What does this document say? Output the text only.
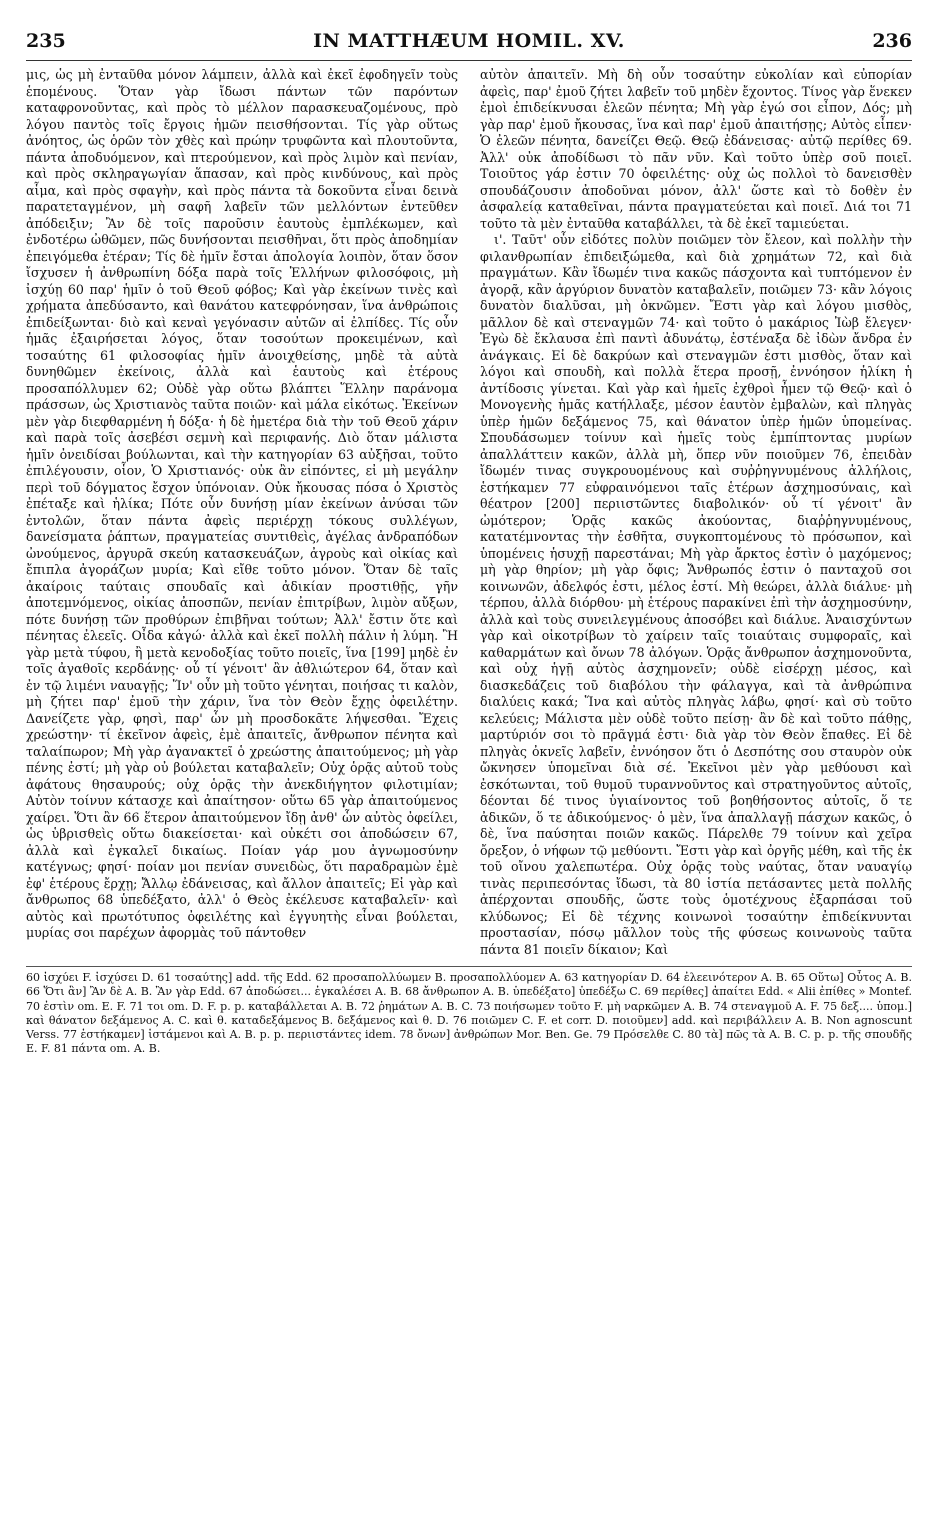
235	IN MATTHÆUM HOMIL. XV.	236

μις, ὡς μὴ ἐνταῦθα μόνον λάμπειν, ἀλλὰ καὶ ἐκεῖ ἐφοδηγεῖν τοὺς ἑπομένους. Ὅταν γὰρ ἴδωσι πάντων τῶν παρόντων καταφρονοῦντας, καὶ πρὸς τὸ μέλλον παρασκευαζομένους, πρὸ λόγου παντὸς τοῖς ἔργοις ἡμῶν πεισθήσονται. Τίς γὰρ οὕτως ἀνόητος, ὡς ὁρῶν τὸν χθὲς καὶ πρώην τρυφῶντα καὶ πλουτοῦντα, πάντα ἀποδυόμενον, καὶ πτερούμενον, καὶ πρὸς λιμὸν καὶ πενίαν, καὶ πρὸς σκληραγωγίαν ἅπασαν, καὶ πρὸς κινδύνους, καὶ πρὸς αἷμα, καὶ πρὸς σφαγὴν, καὶ πρὸς πάντα τὰ δοκοῦντα εἶναι δεινὰ παρατεταγμένον, μὴ σαφῆ λαβεῖν τῶν μελλόντων ἐντεῦθεν ἀπόδειξιν; Ἂν δὲ τοῖς παροῦσιν ἑαυτοὺς ἐμπλέκωμεν, καὶ ἐνδοτέρω ὠθῶμεν, πῶς δυνήσονται πεισθῆναι, ὅτι πρὸς ἀποδημίαν ἐπειγόμεθα ἑτέραν; Τίς δὲ ἡμῖν ἔσται ἀπολογία λοιπὸν, ὅταν ὅσον ἴσχυσεν ἡ ἀνθρωπίνη δόξα παρὰ τοῖς Ἑλλήνων φιλοσόφοις, μὴ ἰσχύῃ 60 παρ' ἡμῖν ὁ τοῦ Θεοῦ φόβος; Καὶ γὰρ ἐκείνων τινὲς καὶ χρήματα ἀπεδύσαντο, καὶ θανάτου κατεφρόνησαν, ἵνα ἀνθρώποις ἐπιδείξωνται· διὸ καὶ κεναὶ γεγόνασιν αὐτῶν αἱ ἐλπίδες. Τίς οὖν ἡμᾶς ἐξαιρήσεται λόγος, ὅταν τοσούτων προκειμένων, καὶ τοσαύτης 61 φιλοσοφίας ἡμῖν ἀνοιχθείσης, μηδὲ τὰ αὐτὰ δυνηθῶμεν ἐκείνοις, ἀλλὰ καὶ ἑαυτοὺς καὶ ἑτέρους προσαπόλλυμεν 62; Οὐδὲ γὰρ οὕτω βλάπτει Ἕλλην παράνομα πράσσων, ὡς Χριστιανὸς ταῦτα ποιῶν· καὶ μάλα εἰκότως. Ἐκείνων μὲν γὰρ διεφθαρμένη ἡ δόξα· ἡ δὲ ἡμετέρα διὰ τὴν τοῦ Θεοῦ χάριν καὶ παρὰ τοῖς ἀσεβέσι σεμνὴ καὶ περιφανής. Διὸ ὅταν μάλιστα ἡμῖν ὀνειδίσαι βούλωνται, καὶ τὴν κατηγορίαν 63 αὐξῆσαι, τοῦτο ἐπιλέγουσιν, οἷον, Ὁ Χριστιανός· οὐκ ἂν εἰπόντες, εἰ μὴ μεγάλην περὶ τοῦ δόγματος ἔσχον ὑπόνοιαν. Οὐκ ἤκουσας πόσα ὁ Χριστὸς ἐπέταξε καὶ ἡλίκα; Πότε οὖν δυνήσῃ μίαν ἐκείνων ἀνύσαι τῶν ἐντολῶν, ὅταν πάντα ἀφεὶς περιέρχῃ τόκους συλλέγων, δανείσματα ῥάπτων, πραγματείας συντιθεὶς, ἀγέλας ἀνδραπόδων ὠνούμενος, ἀργυρᾶ σκεύη κατασκευάζων, ἀγροὺς καὶ οἰκίας καὶ ἔπιπλα ἀγοράζων μυρία; Καὶ εἴθε τοῦτο μόνον. Ὅταν δὲ ταῖς ἀκαίροις ταύταις σπουδαῖς καὶ ἀδικίαν προστιθῇς, γῆν ἀποτεμνόμενος, οἰκίας ἀποσπῶν, πενίαν ἐπιτρίβων, λιμὸν αὔξων, πότε δυνήσῃ τῶν προθύρων ἐπιβῆναι τούτων; Ἀλλ' ἔστιν ὅτε καὶ πένητας ἐλεεῖς. Οἶδα κἀγώ· ἀλλὰ καὶ ἐκεῖ πολλὴ πάλιν ἡ λύμη. Ἢ γὰρ μετὰ τύφου, ἢ μετὰ κενοδοξίας τοῦτο ποιεῖς, ἵνα [199] μηδὲ ἐν τοῖς ἀγαθοῖς κερδάνῃς· οὗ τί γένοιτ' ἂν ἀθλιώτερον 64, ὅταν καὶ ἐν τῷ λιμένι ναυαγῇς; Ἵν' οὖν μὴ τοῦτο γένηται, ποιήσας τι καλὸν, μὴ ζήτει παρ' ἐμοῦ τὴν χάριν, ἵνα τὸν Θεὸν ἔχῃς ὀφειλέτην. Δανείζετε γὰρ, φησὶ, παρ' ὧν μὴ προσδοκᾶτε λήψεσθαι. Ἔχεις χρεώστην· τί ἐκεῖνον ἀφεὶς, ἐμὲ ἀπαιτεῖς, ἄνθρωπον πένητα καὶ ταλαίπωρον; Μὴ γὰρ ἀγανακτεῖ ὁ χρεώστης ἀπαιτούμενος; μὴ γὰρ πένης ἐστί; μὴ γὰρ οὐ βούλεται καταβαλεῖν; Οὐχ ὁρᾷς αὐτοῦ τοὺς ἀφάτους θησαυρούς; οὐχ ὁρᾷς τὴν ἀνεκδιήγητον φιλοτιμίαν; Αὐτὸν τοίνυν κάτασχε καὶ ἀπαίτησον· οὕτω 65 γὰρ ἀπαιτούμενος χαίρει. Ὅτι ἂν 66 ἕτερον ἀπαιτούμενον ἴδῃ ἀνθ' ὧν αὐτὸς ὀφείλει, ὡς ὑβρισθεὶς οὕτω διακείσεται· καὶ οὐκέτι σοι ἀποδώσειν 67, ἀλλὰ καὶ ἐγκαλεῖ δικαίως. Ποίαν γάρ μου ἀγνωμοσύνην κατέγνως; φησί· ποίαν μοι πενίαν συνειδὼς, ὅτι παραδραμὼν ἐμὲ ἐφ' ἑτέρους ἔρχῃ; Ἄλλῳ ἐδάνεισας, καὶ ἄλλον ἀπαιτεῖς; Εἰ γὰρ καὶ ἄνθρωπος 68 ὑπεδέξατο, ἀλλ' ὁ Θεὸς ἐκέλευσε καταβαλεῖν· καὶ αὐτὸς καὶ πρωτότυπος ὀφειλέτης καὶ ἐγγυητὴς εἶναι βούλεται, μυρίας σοι παρέχων ἀφορμὰς τοῦ πάντοθεν

αὐτὸν ἀπαιτεῖν. Μὴ δὴ οὖν τοσαύτην εὐκολίαν καὶ εὐπορίαν ἀφεὶς, παρ' ἐμοῦ ζήτει λαβεῖν τοῦ μηδὲν ἔχοντος. Τίνος γὰρ ἕνεκεν ἐμοὶ ἐπιδείκνυσαι ἐλεῶν πένητα; Μὴ γὰρ ἐγώ σοι εἶπον, Δός; μὴ γὰρ παρ' ἐμοῦ ἤκουσας, ἵνα καὶ παρ' ἐμοῦ ἀπαιτήσῃς; Αὐτὸς εἶπεν· Ὁ ἐλεῶν πένητα, δανείζει Θεῷ. Θεῷ ἐδάνεισας· αὐτῷ περίθες 69. Ἀλλ' οὐκ ἀποδίδωσι τὸ πᾶν νῦν. Καὶ τοῦτο ὑπὲρ σοῦ ποιεῖ. Τοιοῦτος γάρ ἐστιν 70 ὀφειλέτης· οὐχ ὡς πολλοὶ τὸ δανεισθὲν σπουδάζουσιν ἀποδοῦναι μόνον, ἀλλ' ὥστε καὶ τὸ δοθὲν ἐν ἀσφαλείᾳ καταθεῖναι, πάντα πραγματεύεται καὶ ποιεῖ. Διά τοι 71 τοῦτο τὰ μὲν ἐνταῦθα καταβάλλει, τὰ δὲ ἐκεῖ ταμιεύεται.

ι'. Ταῦτ' οὖν εἰδότες πολὺν ποιῶμεν τὸν ἔλεον, καὶ πολλὴν τὴν φιλανθρωπίαν ἐπιδειξώμεθα, καὶ διὰ χρημάτων 72, καὶ διὰ πραγμάτων. Κἂν ἴδωμέν τινα κακῶς πάσχοντα καὶ τυπτόμενον ἐν ἀγορᾷ, κἂν ἀργύριον δυνατὸν καταβαλεῖν, ποιῶμεν 73· κἂν λόγοις δυνατὸν διαλῦσαι, μὴ ὀκνῶμεν. Ἔστι γὰρ καὶ λόγου μισθὸς, μᾶλλον δὲ καὶ στεναγμῶν 74· καὶ τοῦτο ὁ μακάριος Ἰὼβ ἔλεγεν· Ἐγὼ δὲ ἔκλαυσα ἐπὶ παντὶ ἀδυνάτῳ, ἐστέναξα δὲ ἰδὼν ἄνδρα ἐν ἀνάγκαις. Εἰ δὲ δακρύων καὶ στεναγμῶν ἐστι μισθὸς, ὅταν καὶ λόγοι καὶ σπουδὴ, καὶ πολλὰ ἕτερα προσῇ, ἐννόησον ἡλίκη ἡ ἀντίδοσις γίνεται. Καὶ γὰρ καὶ ἡμεῖς ἐχθροὶ ἦμεν τῷ Θεῷ· καὶ ὁ Μονογενὴς ἡμᾶς κατήλλαξε, μέσον ἑαυτὸν ἐμβαλὼν, καὶ πληγὰς ὑπὲρ ἡμῶν δεξάμενος 75, καὶ θάνατον ὑπὲρ ἡμῶν ὑπομείνας. Σπουδάσωμεν τοίνυν καὶ ἡμεῖς τοὺς ἐμπίπτοντας μυρίων ἀπαλλάττειν κακῶν, ἀλλὰ μὴ, ὅπερ νῦν ποιοῦμεν 76, ἐπειδὰν ἴδωμέν τινας συγκρουομένους καὶ συῤῥηγνυμένους ἀλλήλοις, ἑστήκαμεν 77 εὐφραινόμενοι ταῖς ἑτέρων ἀσχημοσύναις, καὶ θέατρον [200] περιιστῶντες διαβολικόν· οὗ τί γένοιτ' ἂν ὠμότερον; Ὁρᾷς κακῶς ἀκούοντας, διαῤῥηγνυμένους, κατατέμνοντας τὴν ἐσθῆτα, συγκοπτομένους τὸ πρόσωπον, καὶ ὑπομένεις ἡσυχῇ παρεστάναι; Μὴ γὰρ ἄρκτος ἐστὶν ὁ μαχόμενος; μὴ γὰρ θηρίον; μὴ γὰρ ὄφις; Ἄνθρωπός ἐστιν ὁ πανταχοῦ σοι κοινωνῶν, ἀδελφός ἐστι, μέλος ἐστί. Μὴ θεώρει, ἀλλὰ διάλυε· μὴ τέρπου, ἀλλὰ διόρθου· μὴ ἑτέρους παρακίνει ἐπὶ τὴν ἀσχημοσύνην, ἀλλὰ καὶ τοὺς συνειλεγμένους ἀποσόβει καὶ διάλυε. Ἀναισχύντων γὰρ καὶ οἰκοτρίβων τὸ χαίρειν ταῖς τοιαύταις συμφοραῖς, καὶ καθαρμάτων καὶ ὄνων 78 ἀλόγων. Ὁρᾷς ἄνθρωπον ἀσχημονοῦντα, καὶ οὐχ ἡγῇ αὐτὸς ἀσχημονεῖν; οὐδὲ εἰσέρχῃ μέσος, καὶ διασκεδάζεις τοῦ διαβόλου τὴν φάλαγγα, καὶ τὰ ἀνθρώπινα διαλύεις κακά; Ἵνα καὶ αὐτὸς πληγὰς λάβω, φησί· καὶ σὺ τοῦτο κελεύεις; Μάλιστα μὲν οὐδὲ τοῦτο πείσῃ· ἂν δὲ καὶ τοῦτο πάθῃς, μαρτύριόν σοι τὸ πρᾶγμά ἐστι· διὰ γὰρ τὸν Θεὸν ἔπαθες. Εἰ δὲ πληγὰς ὀκνεῖς λαβεῖν, ἐννόησον ὅτι ὁ Δεσπότης σου σταυρὸν οὐκ ὤκνησεν ὑπομεῖναι διὰ σέ. Ἐκεῖνοι μὲν γὰρ μεθύουσι καὶ ἐσκότωνται, τοῦ θυμοῦ τυραννοῦντος καὶ στρατηγοῦντος αὐτοῖς, δέονται δέ τινος ὑγιαίνοντος τοῦ βοηθήσοντος αὐτοῖς, ὅ τε ἀδικῶν, ὅ τε ἀδικούμενος· ὁ μὲν, ἵνα ἀπαλλαγῇ πάσχων κακῶς, ὁ δὲ, ἵνα παύσηται ποιῶν κακῶς. Πάρελθε 79 τοίνυν καὶ χεῖρα ὄρεξον, ὁ νήφων τῷ μεθύοντι. Ἔστι γὰρ καὶ ὀργῆς μέθη, καὶ τῆς ἐκ τοῦ οἴνου χαλεπωτέρα. Οὐχ ὁρᾷς τοὺς ναύτας, ὅταν ναυαγίῳ τινὰς περιπεσόντας ἴδωσι, τὰ 80 ἱστία πετάσαντες μετὰ πολλῆς ἀπέρχονται σπουδῆς, ὥστε τοὺς ὁμοτέχνους ἐξαρπάσαι τοῦ κλύδωνος; Εἰ δὲ τέχνης κοινωνοὶ τοσαύτην ἐπιδείκνυνται προστασίαν, πόσῳ μᾶλλον τοὺς τῆς φύσεως κοινωνοὺς ταῦτα πάντα 81 ποιεῖν δίκαιον; Καὶ

60 ἰσχύει F. ἰσχύσει D. 61 τοσαύτης] add. τῆς Edd. 62 προσαπολλύωμεν B. προσαπολλύομεν A. 63 κατηγορίαν D. 64 ἐλεεινότερον A. B. 65 Οὕτω] Οὗτος A. B. 66 Ὅτι ἂν] Ἂν δὲ A. B. Ἂν γὰρ Edd. 67 ἀποδώσει... ἐγκαλέσει A. B. 68 ἄνθρωπον A. B. ὑπεδέξατο] ὑπεδέξω C. 69 περίθες] ἀπαίτει Edd. « Alii ἐπίθες » Montef. 70 ἐστὶν om. E. F. 71 τοι om. D. F. p. p. καταβάλλεται A. B. 72 ῥημάτων A. B. C. 73 ποιήσωμεν τοῦτο F. μὴ ναρκῶμεν A. B. 74 στεναγμοῦ A. F. 75 δεξ.... ὑπομ.] καὶ θάνατον δεξάμενος A. C. καὶ θ. καταδεξάμενος B. δεξάμενος καὶ θ. D. 76 ποιῶμεν C. F. et corr. D. ποιοῦμεν] add. καὶ περιβάλλειν A. B. Non agnoscunt Verss. 77 ἑστήκαμεν] ἱστάμενοι καὶ A. B. p. p. περιιστάντες idem. 78 ὄνων] ἀνθρώπων Mor. Ben. Ge. 79 Πρόσελθε C. 80 τὰ] πῶς τὰ A. B. C. p. p. τῆς σπουδῆς E. F. 81 πάντα om. A. B.
